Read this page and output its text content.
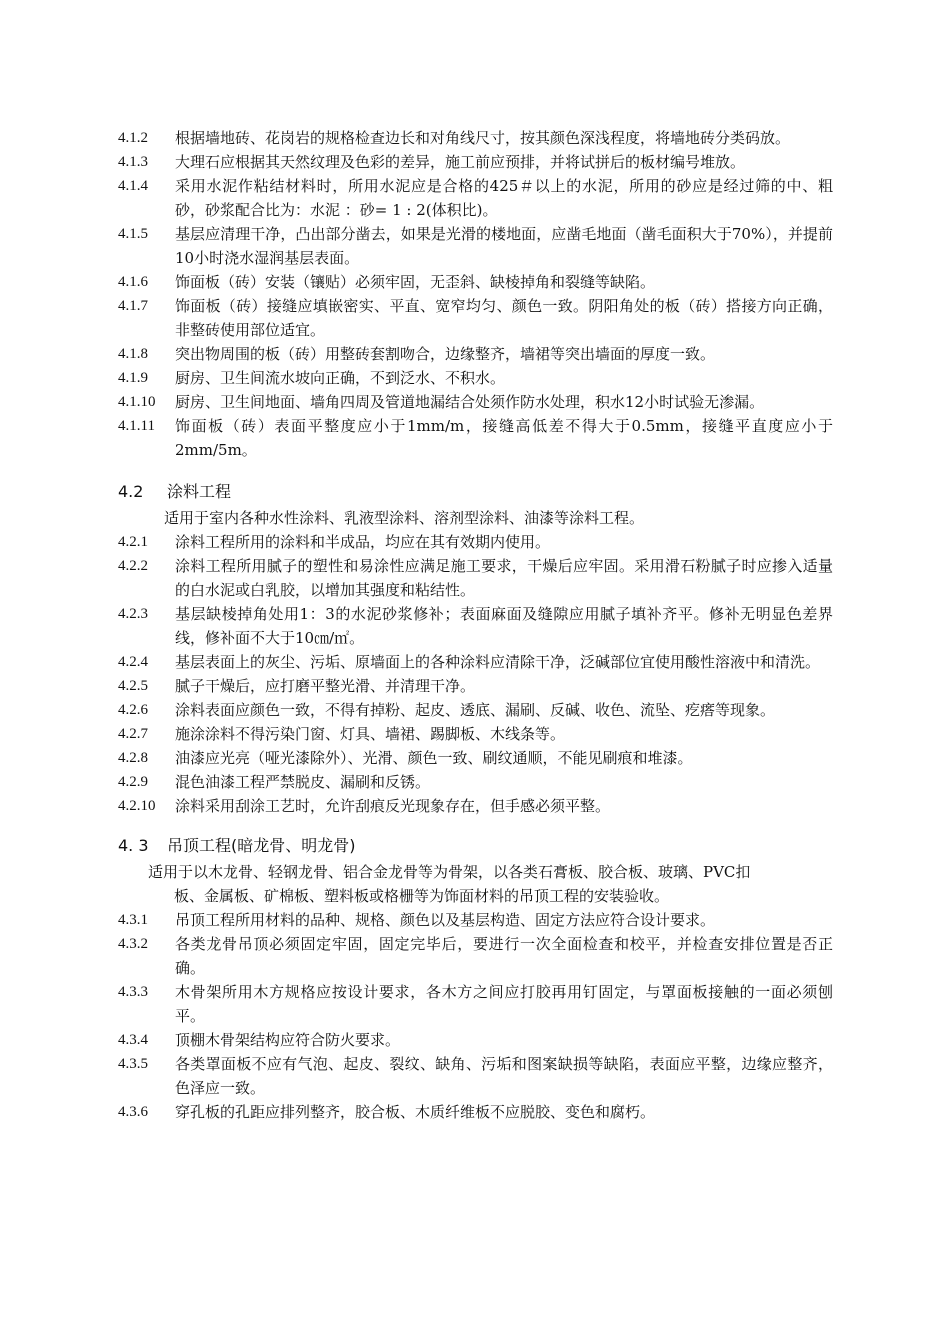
4.1.2	根据墙地砖、花岗岩的规格检查边长和对角线尺寸，按其颜色深浅程度，将墙地砖分类码放。
4.1.3	大理石应根据其天然纹理及色彩的差异，施工前应预排，并将试拼后的板材编号堆放。
4.1.4	采用水泥作粘结材料时，所用水泥应是合格的425＃以上的水泥，所用的砂应是经过筛的中、粗砂，砂浆配合比为：水泥 ：砂= 1 : 2(体积比)。
4.1.5	基层应清理干净，凸出部分凿去，如果是光滑的楼地面，应凿毛地面（凿毛面积大于70%），并提前10小时浇水湿润基层表面。
4.1.6	饰面板（砖）安装（镶贴）必须牢固，无歪斜、缺棱掉角和裂缝等缺陷。
4.1.7	饰面板（砖）接缝应填嵌密实、平直、宽窄均匀、颜色一致。阴阳角处的板（砖）搭接方向正确，非整砖使用部位适宜。
4.1.8	突出物周围的板（砖）用整砖套割吻合，边缘整齐，墙裙等突出墙面的厚度一致。
4.1.9	厨房、卫生间流水坡向正确，不到泛水、不积水。
4.1.10	厨房、卫生间地面、墙角四周及管道地漏结合处须作防水处理，积水12小时试验无渗漏。
4.1.11	饰面板（砖）表面平整度应小于1mm/m，接缝高低差不得大于0.5mm，接缝平直度应小于2mm/5m。
4.2	涂料工程
适用于室内各种水性涂料、乳液型涂料、溶剂型涂料、油漆等涂料工程。
4.2.1	涂料工程所用的涂料和半成品，均应在其有效期内使用。
4.2.2	涂料工程所用腻子的塑性和易涂性应满足施工要求，干燥后应牢固。采用滑石粉腻子时应掺入适量的白水泥或白乳胶，以增加其强度和粘结性。
4.2.3	基层缺棱掉角处用1：3的水泥砂浆修补；表面麻面及缝隙应用腻子填补齐平。修补无明显色差界线，修补面不大于10㎝/㎡。
4.2.4	基层表面上的灰尘、污垢、原墙面上的各种涂料应清除干净，泛碱部位宜使用酸性溶液中和清洗。
4.2.5	腻子干燥后，应打磨平整光滑、并清理干净。
4.2.6	涂料表面应颜色一致，不得有掉粉、起皮、透底、漏刷、反碱、收色、流坠、疙瘩等现象。
4.2.7	施涂涂料不得污染门窗、灯具、墙裙、踢脚板、木线条等。
4.2.8	油漆应光亮（哑光漆除外）、光滑、颜色一致、刷纹通顺，不能见刷痕和堆漆。
4.2.9	混色油漆工程严禁脱皮、漏刷和反锈。
4.2.10	涂料采用刮涂工艺时，允许刮痕反光现象存在，但手感必须平整。
4. 3	吊顶工程(暗龙骨、明龙骨)
适用于以木龙骨、轻钢龙骨、铝合金龙骨等为骨架，以各类石膏板、胶合板、玻璃、PVC扣
板、金属板、矿棉板、塑料板或格栅等为饰面材料的吊顶工程的安装验收。
4.3.1	吊顶工程所用材料的品种、规格、颜色以及基层构造、固定方法应符合设计要求。
4.3.2	各类龙骨吊顶必须固定牢固，固定完毕后，要进行一次全面检查和校平，并检查安排位置是否正确。
4.3.3	木骨架所用木方规格应按设计要求，各木方之间应打胶再用钉固定，与罩面板接触的一面必须刨平。
4.3.4	顶棚木骨架结构应符合防火要求。
4.3.5	各类罩面板不应有气泡、起皮、裂纹、缺角、污垢和图案缺损等缺陷，表面应平整，边缘应整齐，色泽应一致。
4.3.6	穿孔板的孔距应排列整齐，胶合板、木质纤维板不应脱胶、变色和腐朽。
